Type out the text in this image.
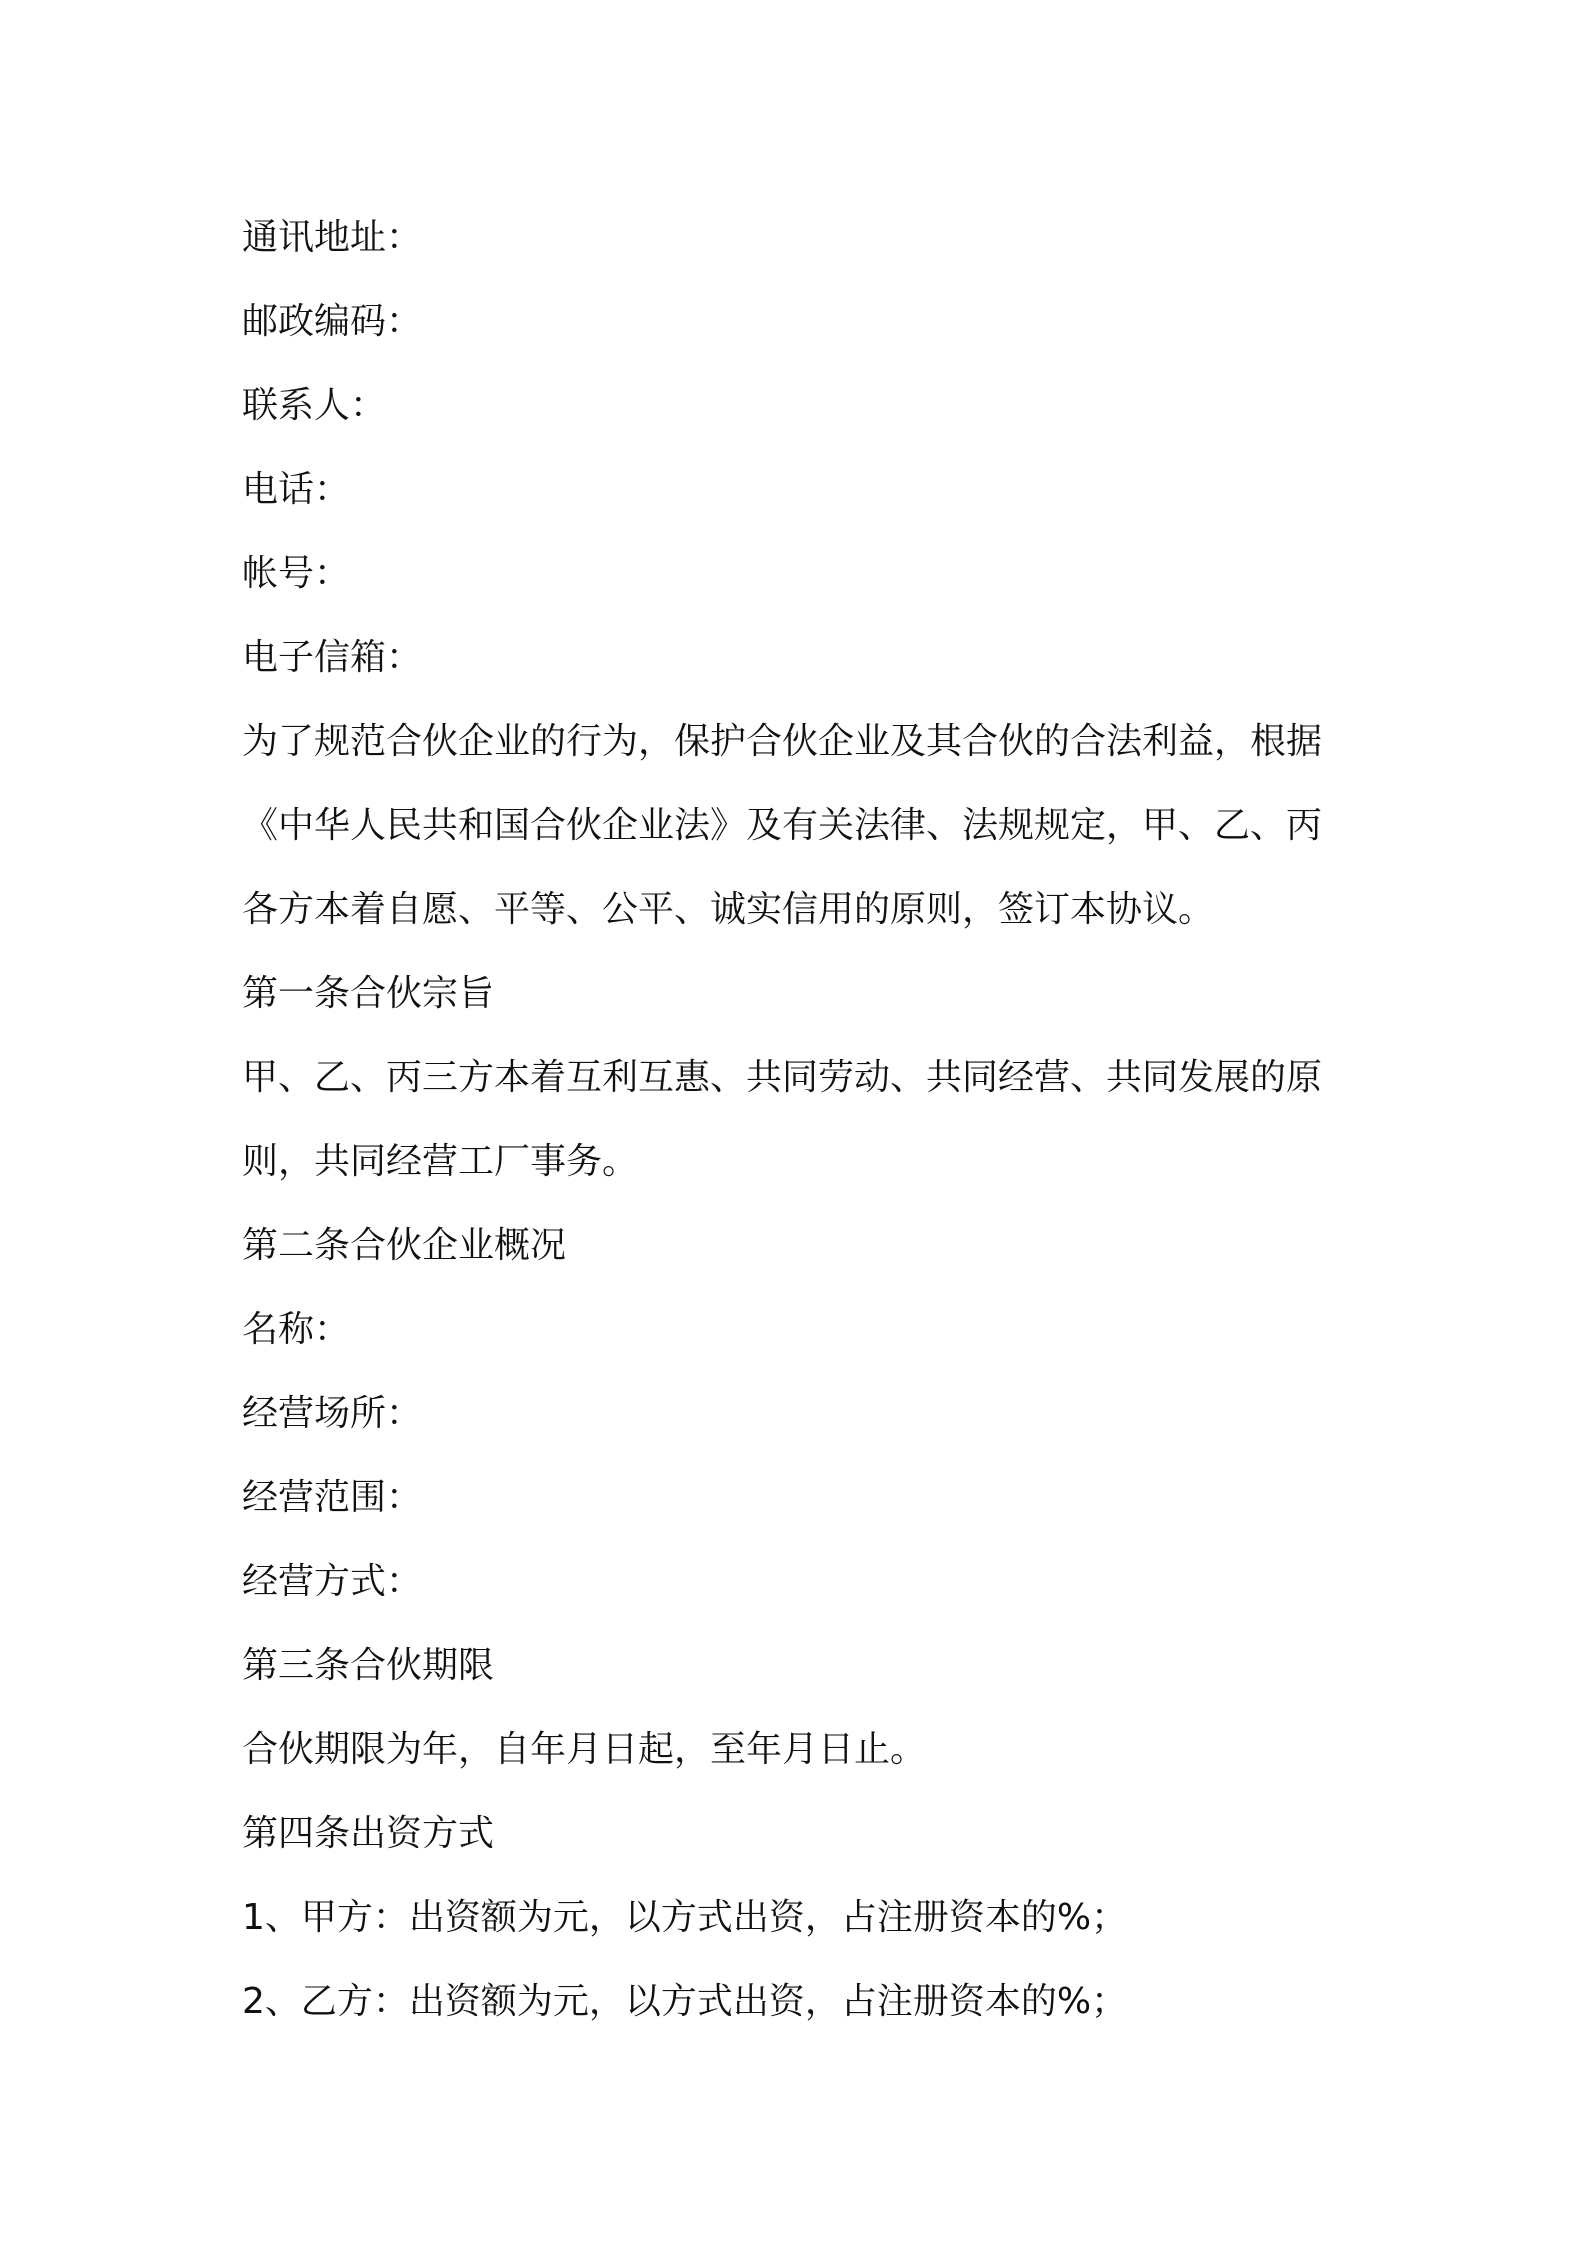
通讯地址：
邮政编码：
联系人：
电话：
帐号：
电子信箱：
为了规范合伙企业的行为，保护合伙企业及其合伙的合法利益，根据
《中华人民共和国合伙企业法》及有关法律、法规规定，甲、乙、丙
各方本着自愿、平等、公平、诚实信用的原则，签订本协议。
第一条合伙宗旨
甲、乙、丙三方本着互利互惠、共同劳动、共同经营、共同发展的原
则，共同经营工厂事务。
第二条合伙企业概况
名称：
经营场所：
经营范围：
经营方式：
第三条合伙期限
合伙期限为年，自年月日起，至年月日止。
第四条出资方式
1、甲方：出资额为元，以方式出资，占注册资本的%；
2、乙方：出资额为元，以方式出资，占注册资本的%；
